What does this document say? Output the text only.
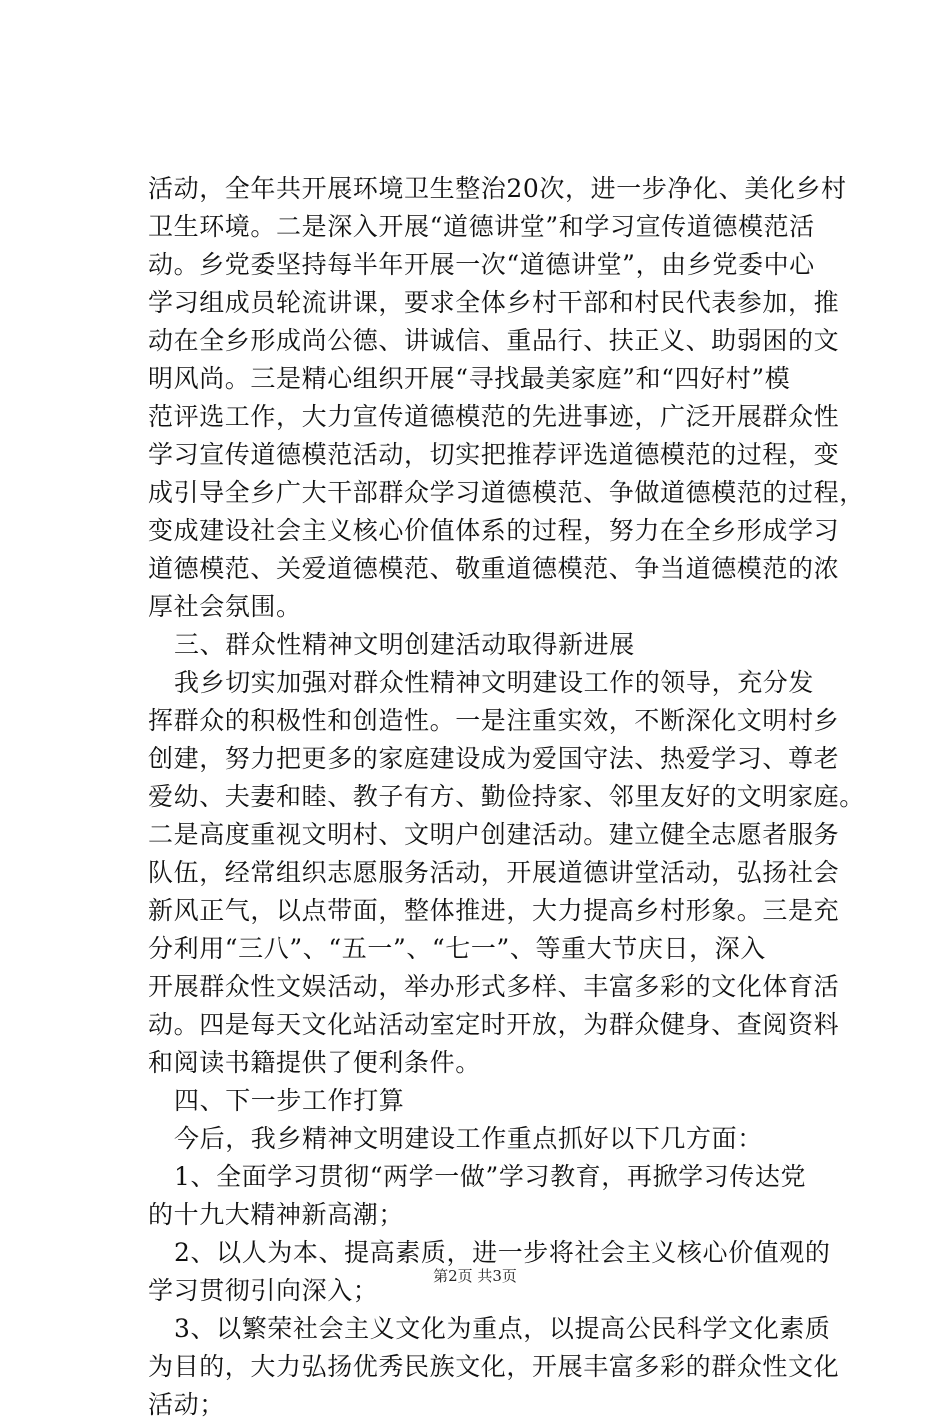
活动，全年共开展环境卫生整治20次，进一步净化、美化乡村
卫生环境。二是深入开展“道德讲堂”和学习宣传道德模范活
动。乡党委坚持每半年开展一次“道德讲堂”，由乡党委中心
学习组成员轮流讲课，要求全体乡村干部和村民代表参加，推
动在全乡形成尚公德、讲诚信、重品行、扶正义、助弱困的文
明风尚。三是精心组织开展“寻找最美家庭”和“四好村”模
范评选工作，大力宣传道德模范的先进事迹，广泛开展群众性
学习宣传道德模范活动，切实把推荐评选道德模范的过程，变
成引导全乡广大干部群众学习道德模范、争做道德模范的过程，
变成建设社会主义核心价值体系的过程，努力在全乡形成学习
道德模范、关爱道德模范、敬重道德模范、争当道德模范的浓
厚社会氛围。
三、群众性精神文明创建活动取得新进展
我乡切实加强对群众性精神文明建设工作的领导，充分发
挥群众的积极性和创造性。一是注重实效，不断深化文明村乡
创建，努力把更多的家庭建设成为爱国守法、热爱学习、尊老
爱幼、夫妻和睦、教子有方、勤俭持家、邻里友好的文明家庭。
二是高度重视文明村、文明户创建活动。建立健全志愿者服务
队伍，经常组织志愿服务活动，开展道德讲堂活动，弘扬社会
新风正气，以点带面，整体推进，大力提高乡村形象。三是充
分利用“三八”、“五一”、“七一”、等重大节庆日，深入
开展群众性文娱活动，举办形式多样、丰富多彩的文化体育活
动。四是每天文化站活动室定时开放，为群众健身、查阅资料
和阅读书籍提供了便利条件。
四、下一步工作打算
今后，我乡精神文明建设工作重点抓好以下几方面：
1、全面学习贯彻“两学一做”学习教育，再掀学习传达党
的十九大精神新高潮；
2、以人为本、提高素质，进一步将社会主义核心价值观的
学习贯彻引向深入；
3、以繁荣社会主义文化为重点，以提高公民科学文化素质
为目的，大力弘扬优秀民族文化，开展丰富多彩的群众性文化
活动；
第2页 共3页
